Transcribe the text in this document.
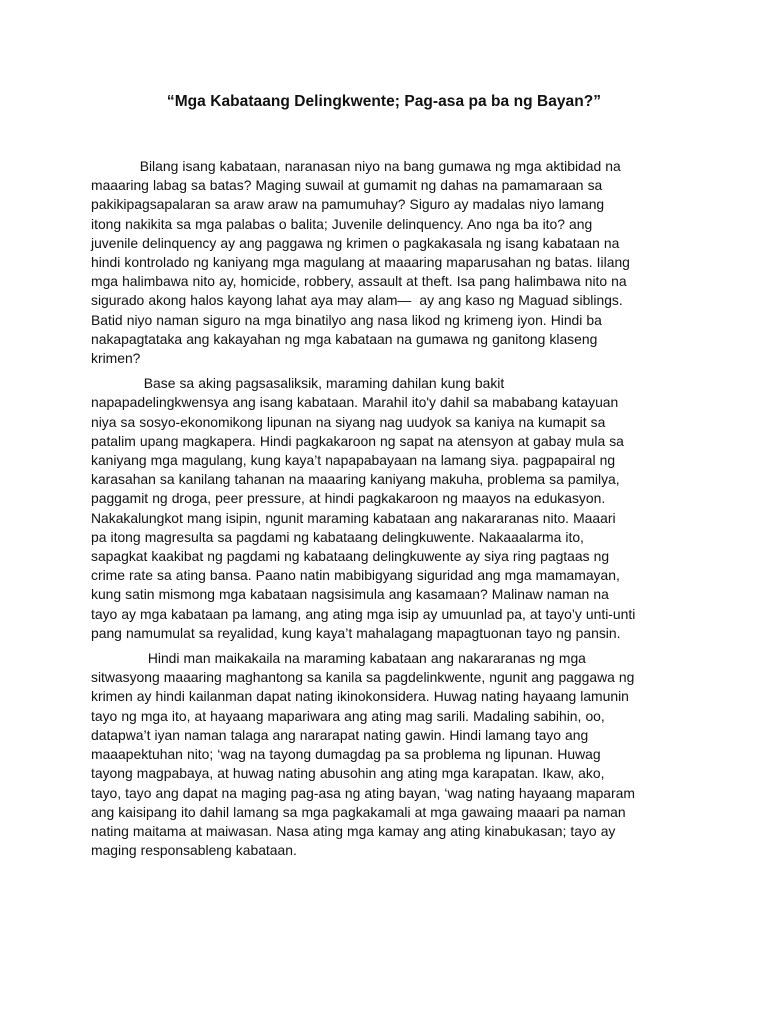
“Mga Kabataang Delingkwente; Pag-asa pa ba ng Bayan?”

Bilang isang kabataan, naranasan niyo na bang gumawa ng mga aktibidad na
maaaring labag sa batas? Maging suwail at gumamit ng dahas na pamamaraan sa
pakikipagsapalaran sa araw araw na pamumuhay? Siguro ay madalas niyo lamang
itong nakikita sa mga palabas o balita; Juvenile delinquency. Ano nga ba ito? ang
juvenile delinquency ay ang paggawa ng krimen o pagkakasala ng isang kabataan na
hindi kontrolado ng kaniyang mga magulang at maaaring maparusahan ng batas. Iilang
mga halimbawa nito ay, homicide, robbery, assault at theft. Isa pang halimbawa nito na
sigurado akong halos kayong lahat aya may alam—  ay ang kaso ng Maguad siblings.
Batid niyo naman siguro na mga binatilyo ang nasa likod ng krimeng iyon. Hindi ba
nakapagtataka ang kakayahan ng mga kabataan na gumawa ng ganitong klaseng
krimen?

Base sa aking pagsasaliksik, maraming dahilan kung bakit
napapadelingkwensya ang isang kabataan. Marahil ito'y dahil sa mababang katayuan
niya sa sosyo-ekonomikong lipunan na siyang nag uudyok sa kaniya na kumapit sa
patalim upang magkapera. Hindi pagkakaroon ng sapat na atensyon at gabay mula sa
kaniyang mga magulang, kung kaya’t napapabayaan na lamang siya. pagpapairal ng
karasahan sa kanilang tahanan na maaaring kaniyang makuha, problema sa pamilya,
paggamit ng droga, peer pressure, at hindi pagkakaroon ng maayos na edukasyon.
Nakakalungkot mang isipin, ngunit maraming kabataan ang nakararanas nito. Maaari
pa itong magresulta sa pagdami ng kabataang delingkuwente. Nakaaalarma ito,
sapagkat kaakibat ng pagdami ng kabataang delingkuwente ay siya ring pagtaas ng
crime rate sa ating bansa. Paano natin mabibigyang siguridad ang mga mamamayan,
kung satin mismong mga kabataan nagsisimula ang kasamaan? Malinaw naman na
tayo ay mga kabataan pa lamang, ang ating mga isip ay umuunlad pa, at tayo’y unti-unti
pang namumulat sa reyalidad, kung kaya’t mahalagang mapagtuonan tayo ng pansin.

Hindi man maikakaila na maraming kabataan ang nakararanas ng mga
sitwasyong maaaring maghantong sa kanila sa pagdelinkwente, ngunit ang paggawa ng
krimen ay hindi kailanman dapat nating ikinokonsidera. Huwag nating hayaang lamunin
tayo ng mga ito, at hayaang mapariwara ang ating mag sarili. Madaling sabihin, oo,
datapwa’t iyan naman talaga ang nararapat nating gawin. Hindi lamang tayo ang
maaapektuhan nito; ‘wag na tayong dumagdag pa sa problema ng lipunan. Huwag
tayong magpabaya, at huwag nating abusohin ang ating mga karapatan. Ikaw, ako,
tayo, tayo ang dapat na maging pag-asa ng ating bayan, ‘wag nating hayaang maparam
ang kaisipang ito dahil lamang sa mga pagkakamali at mga gawaing maaari pa naman
nating maitama at maiwasan. Nasa ating mga kamay ang ating kinabukasan; tayo ay
maging responsableng kabataan.
